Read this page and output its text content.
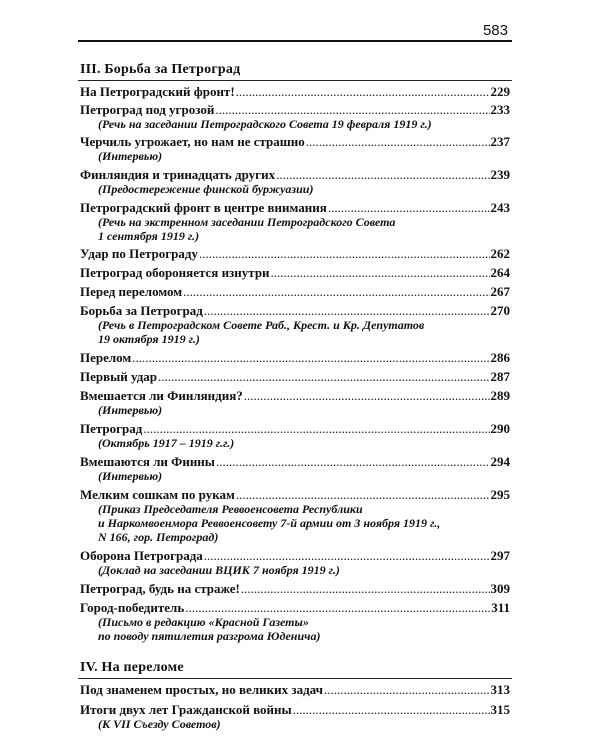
583
III. Борьба за Петроград
На Петроградский фронт! .....	229
Петроград под угрозой .....	233
(Речь на заседании Петроградского Совета 19 февраля 1919 г.)
Черчиль угрожает, но нам не страшно .....	237
(Интервью)
Финляндия и тринадцать других .....	239
(Предостережение финской буржуазии)
Петроградский фронт в центре внимания .....	243
(Речь на экстренном заседании Петроградского Совета
1 сентября 1919 г.)
Удар по Петрограду .....	262
Петроград обороняется изнутри .....	264
Перед переломом .....	267
Борьба за Петроград .....	270
(Речь в Петроградском Совете Раб., Крест. и Кр. Депутатов
19 октября 1919 г.)
Перелом .....	286
Первый удар .....	287
Вмешается ли Финляндия? .....	289
(Интервью)
Петроград .....	290
(Октябрь 1917 – 1919 г.г.)
Вмешаются ли Финны .....	294
(Интервью)
Мелким сошкам по рукам .....	295
(Приказ Председателя Реввоенсовета Республики
и Наркомвоенмора Реввоенсовету 7-й армии от 3 ноября 1919 г.,
N 166, гор. Петроград)
Оборона Петрограда .....	297
(Доклад на заседании ВЦИК 7 ноября 1919 г.)
Петроград, будь на страже! .....	309
Город-победитель .....	311
(Письмо в редакцию «Красной Газеты»
по поводу пятилетия разгрома Юденича)
IV. На переломе
Под знаменем простых, но великих задач .....	313
Итоги двух лет Гражданской войны .....	315
(К VII Съезду Советов)
